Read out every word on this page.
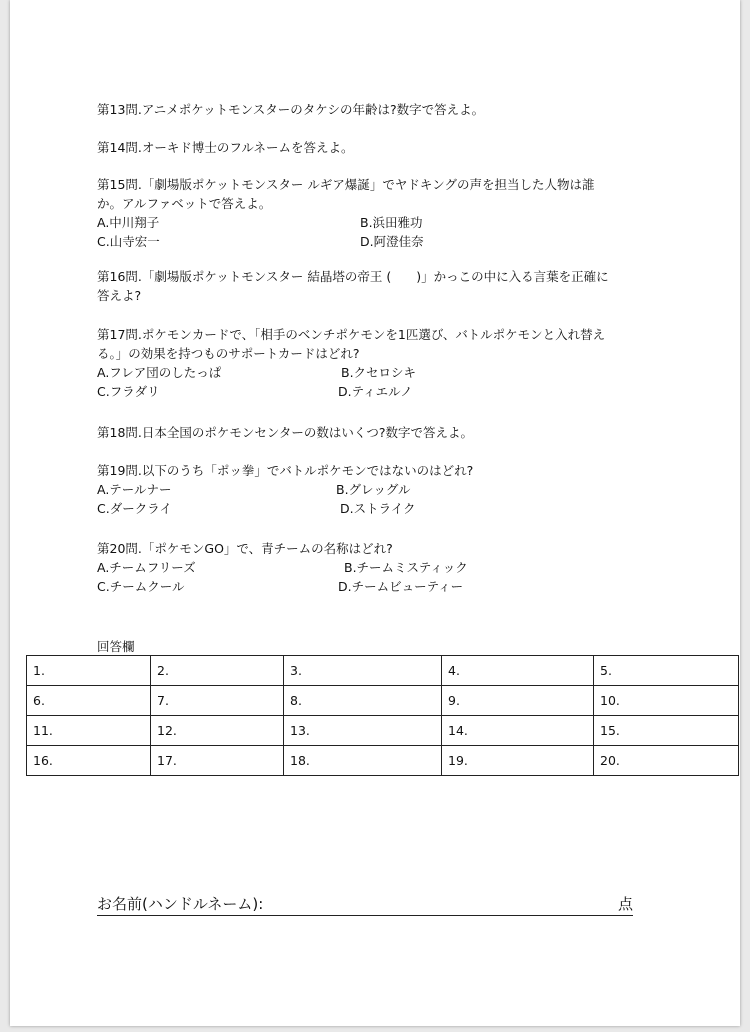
第13問.アニメポケットモンスターのタケシの年齢は?数字で答えよ。
第14問.オーキド博士のフルネームを答えよ。
第15問.「劇場版ポケットモンスター ルギア爆誕」でヤドキングの声を担当した人物は誰
か。アルファベットで答えよ。
A.中川翔子	B.浜田雅功
C.山寺宏一	D.阿澄佳奈
第16問.「劇場版ポケットモンスター 結晶塔の帝王 (　　)」かっこの中に入る言葉を正確に
答えよ?
第17問.ポケモンカードで、「相手のベンチポケモンを1匹選び、バトルポケモンと入れ替え
る。」の効果を持つものサポートカードはどれ?
A.フレア団のしたっぱ	B.クセロシキ
C.フラダリ	D.ティエルノ
第18問.日本全国のポケモンセンターの数はいくつ?数字で答えよ。
第19問.以下のうち「ポッ拳」でバトルポケモンではないのはどれ?
A.テールナー	B.グレッグル
C.ダークライ	D.ストライク
第20問.「ポケモンGO」で、青チームの名称はどれ?
A.チームフリーズ	B.チームミスティック
C.チームクール	D.チームビューティー
回答欄
1.	2.	3.	4.	5.
6.	7.	8.	9.	10.
11.	12.	13.	14.	15.
16.	17.	18.	19.	20.
お名前(ハンドルネーム):	点
